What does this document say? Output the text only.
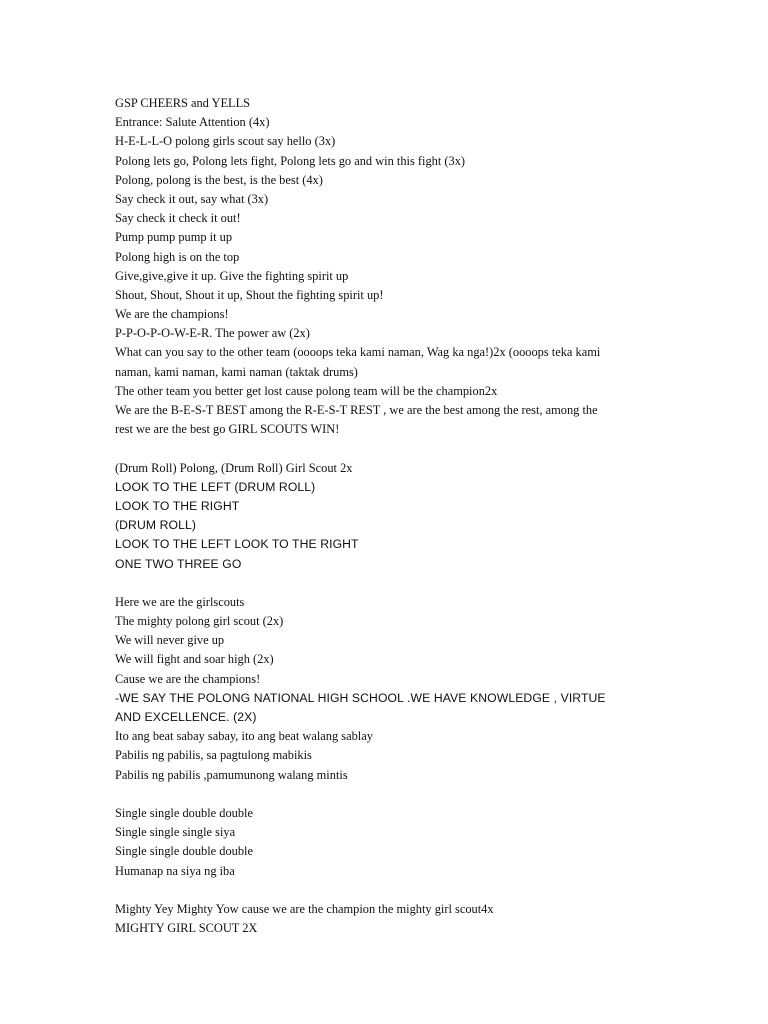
GSP CHEERS and YELLS
Entrance: Salute Attention (4x)
H-E-L-L-O polong girls scout say hello (3x)
Polong lets go, Polong lets fight, Polong lets go and win this fight (3x)
Polong, polong is the best, is the best (4x)
Say check it out, say what (3x)
Say check it check it out!
Pump pump pump it up
Polong high is on the top
Give,give,give it up. Give the fighting spirit up
Shout, Shout, Shout it up, Shout the fighting spirit up!
We are the champions!
P-P-O-P-O-W-E-R. The power aw (2x)
What can you say to the other team (oooops teka kami naman, Wag ka nga!)2x (oooops teka kami
naman, kami naman, kami naman (taktak drums)
The other team you better get lost cause polong team will be the champion2x
We are the B-E-S-T BEST among the R-E-S-T REST , we are the best among the rest, among the
rest we are the best go GIRL SCOUTS WIN!
(Drum Roll) Polong, (Drum Roll) Girl Scout 2x
LOOK TO THE LEFT (DRUM ROLL)
LOOK TO THE RIGHT
(DRUM ROLL)
LOOK TO THE LEFT LOOK TO THE RIGHT
ONE TWO THREE GO
Here we are the girlscouts
The mighty polong girl scout (2x)
We will never give up
We will fight and soar high (2x)
Cause we are the champions!
-WE SAY THE POLONG NATIONAL HIGH SCHOOL .WE HAVE KNOWLEDGE , VIRTUE
AND EXCELLENCE. (2X)
Ito ang beat sabay sabay, ito ang beat walang sablay
Pabilis ng pabilis, sa pagtulong mabikis
Pabilis ng pabilis ,pamumunong walang mintis
Single single double double
Single single single siya
Single single double double
Humanap na siya ng iba
Mighty Yey Mighty Yow cause we are the champion the mighty girl scout4x
MIGHTY GIRL SCOUT 2X
